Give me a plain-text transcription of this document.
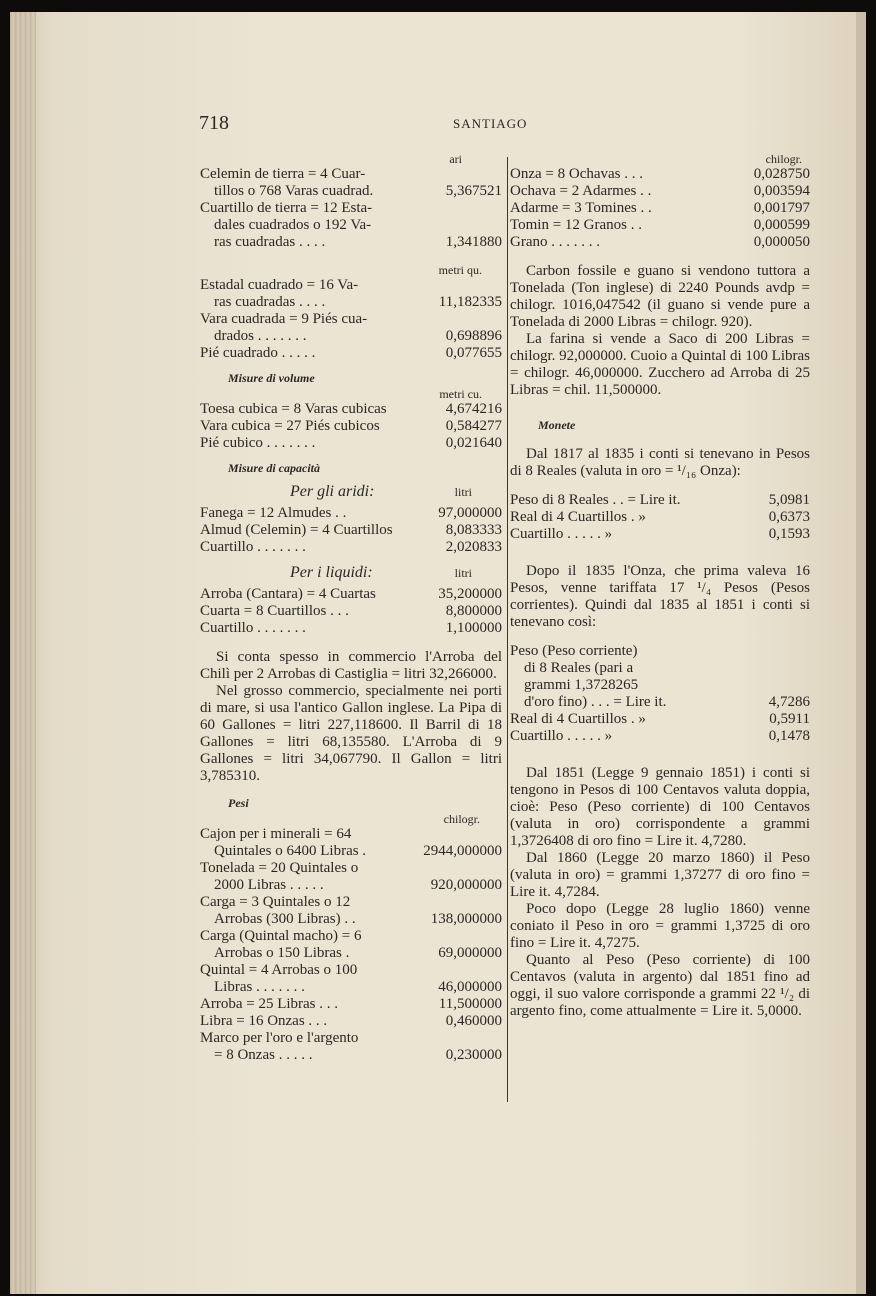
718	SANTIAGO
ari
Celemin de tierra = 4 Cuar-
tillos o 768 Varas cuadrad.	5,367521
Cuartillo de tierra = 12 Esta-
dales cuadrados o 192 Va-
ras cuadradas . . . .	1,341880
metri qu.
Estadal cuadrado = 16 Va-
ras cuadradas . . . .	11,182335
Vara cuadrada = 9 Piés cua-
drados . . . . . . .	0,698896
Pié cuadrado . . . . .	0,077655
Misure di volume
metri cu.
Toesa cubica = 8 Varas cubicas	4,674216
Vara cubica = 27 Piés cubicos	0,584277
Pié cubico . . . . . . .	0,021640
Misure di capacità
Per gli aridi:	litri
Fanega = 12 Almudes . .	97,000000
Almud (Celemin) = 4 Cuartillos	8,083333
Cuartillo . . . . . . .	2,020833
Per i liquidi:	litri
Arroba (Cantara) = 4 Cuartas	35,200000
Cuarta = 8 Cuartillos . . .	8,800000
Cuartillo . . . . . . .	1,100000
Si conta spesso in commercio l'Arroba del Chilì per 2 Arrobas di Castiglia = litri 32,266000.
Nel grosso commercio, specialmente nei porti di mare, si usa l'antico Gallon inglese. La Pipa di 60 Gallones = litri 227,118600. Il Barril di 18 Gallones = litri 68,135580. L'Arroba di 9 Gallones = litri 34,067790. Il Gallon = litri 3,785310.
Pesi
chilogr.
Cajon per i minerali = 64
Quintales o 6400 Libras .	2944,000000
Tonelada = 20 Quintales o
2000 Libras . . . . .	920,000000
Carga = 3 Quintales o 12
Arrobas (300 Libras) . .	138,000000
Carga (Quintal macho) = 6
Arrobas o 150 Libras .	69,000000
Quintal = 4 Arrobas o 100
Libras . . . . . . .	46,000000
Arroba = 25 Libras . . .	11,500000
Libra = 16 Onzas . . .	0,460000
Marco per l'oro e l'argento
= 8 Onzas . . . . .	0,230000
chilogr.
Onza = 8 Ochavas . . .	0,028750
Ochava = 2 Adarmes . .	0,003594
Adarme = 3 Tomines . .	0,001797
Tomin = 12 Granos . .	0,000599
Grano . . . . . . .	0,000050
Carbon fossile e guano si vendono tuttora a Tonelada (Ton inglese) di 2240 Pounds avdp = chilogr. 1016,047542 (il guano si vende pure a Tonelada di 2000 Libras = chilogr. 920).
La farina si vende a Saco di 200 Libras = chilogr. 92,000000. Cuoio a Quintal di 100 Libras = chilogr. 46,000000. Zucchero ad Arroba di 25 Libras = chil. 11,500000.
Monete
Dal 1817 al 1835 i conti si tenevano in Pesos di 8 Reales (valuta in oro = ¹/₁₆ Onza):
Peso di 8 Reales . . = Lire it.	5,0981
Real di 4 Cuartillos . »	0,6373
Cuartillo . . . . . »	0,1593
Dopo il 1835 l'Onza, che prima valeva 16 Pesos, venne tariffata 17 ¹/₄ Pesos (Pesos corrientes). Quindi dal 1835 al 1851 i conti si tenevano così:
Peso (Peso corriente)
di 8 Reales (pari a
grammi 1,3728265
d'oro fino) . . . = Lire it.	4,7286
Real di 4 Cuartillos . »	0,5911
Cuartillo . . . . . »	0,1478
Dal 1851 (Legge 9 gennaio 1851) i conti si tengono in Pesos di 100 Centavos valuta doppia, cioè: Peso (Peso corriente) di 100 Centavos (valuta in oro) corrispondente a grammi 1,3726408 di oro fino = Lire it. 4,7280.
Dal 1860 (Legge 20 marzo 1860) il Peso (valuta in oro) = grammi 1,37277 di oro fino = Lire it. 4,7284.
Poco dopo (Legge 28 luglio 1860) venne coniato il Peso in oro = grammi 1,3725 di oro fino = Lire it. 4,7275.
Quanto al Peso (Peso corriente) di 100 Centavos (valuta in argento) dal 1851 fino ad oggi, il suo valore corrisponde a grammi 22 ¹/₂ di argento fino, come attualmente = Lire it. 5,0000.
